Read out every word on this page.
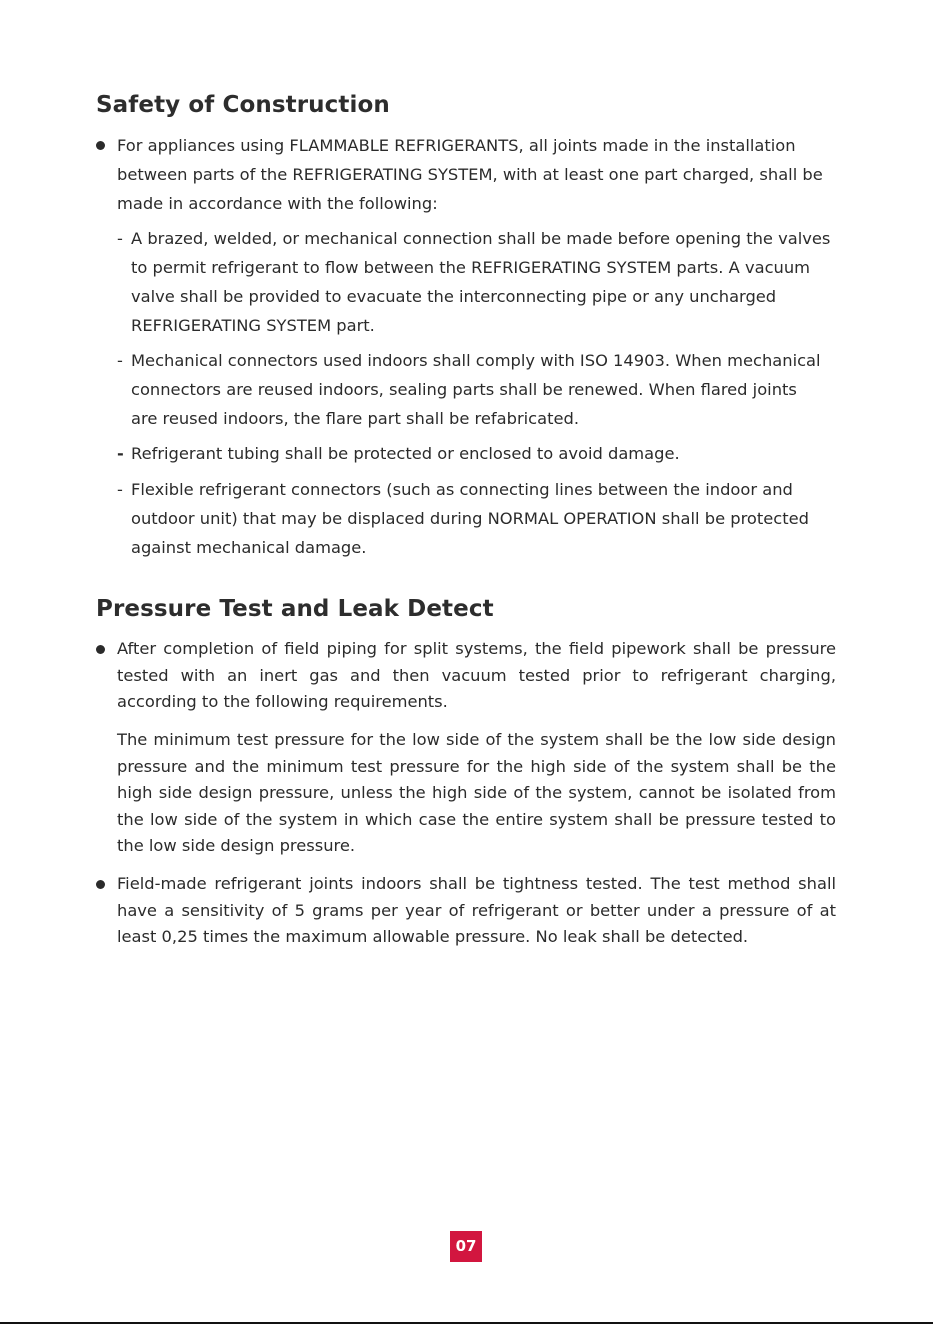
Safety of Construction
For appliances using FLAMMABLE REFRIGERANTS, all joints made in the installation between parts of the REFRIGERATING SYSTEM, with at least one part charged, shall be made in accordance with the following:
- A brazed, welded, or mechanical connection shall be made before opening the valves to permit refrigerant to flow between the REFRIGERATING SYSTEM parts. A vacuum valve shall be provided to evacuate the interconnecting pipe or any uncharged REFRIGERATING SYSTEM part.
- Mechanical connectors used indoors shall comply with ISO 14903. When mechanical connectors are reused indoors, sealing parts shall be renewed. When flared joints are reused indoors, the flare part shall be refabricated.
- Refrigerant tubing shall be protected or enclosed to avoid damage.
- Flexible refrigerant connectors (such as connecting lines between the indoor and outdoor unit) that may be displaced during NORMAL OPERATION shall be protected against mechanical damage.
Pressure Test and Leak Detect
After completion of field piping for split systems, the field pipework shall be pressure tested with an inert gas and then vacuum tested prior to refrigerant charging, according to the following requirements.
The minimum test pressure for the low side of the system shall be the low side design pressure and the minimum test pressure for the high side of the system shall be the high side design pressure, unless the high side of the system, cannot be isolated from the low side of the system in which case the entire system shall be pressure tested to the low side design pressure.
Field-made refrigerant joints indoors shall be tightness tested. The test method shall have a sensitivity of 5 grams per year of refrigerant or better under a pressure of at least 0,25 times the maximum allowable pressure. No leak shall be detected.
07
